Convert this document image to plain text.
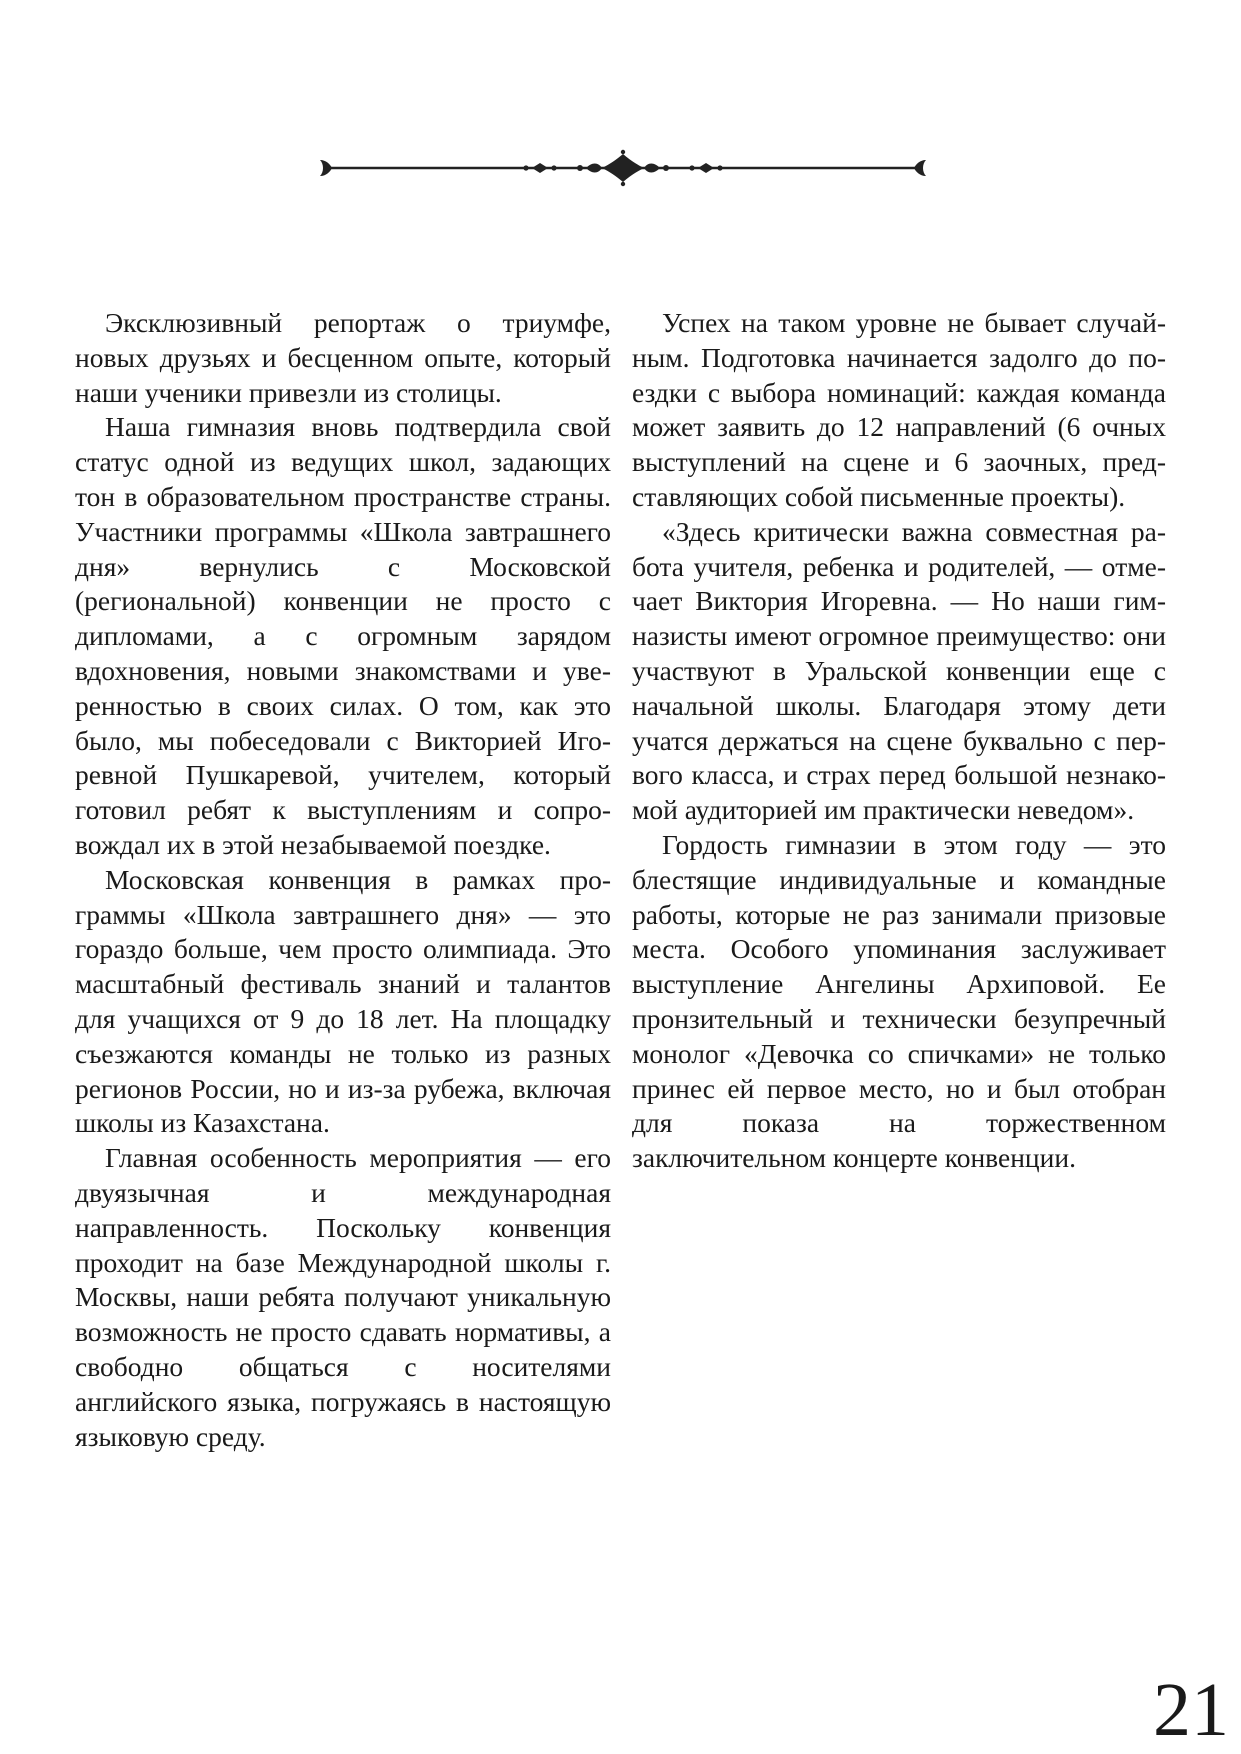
Эксклюзивный репортаж о триумфе, новых друзьях и бесценном опыте, который наши ученики привезли из столицы.

Наша гимназия вновь подтвердила свой статус одной из ведущих школ, задающих тон в образовательном пространстве страны. Участники программы «Школа завтрашнего дня» вернулись с Московской (региональной) конвенции не просто с дипломами, а с огромным зарядом вдохновения, новыми знакомствами и уверенностью в своих силах. О том, как это было, мы побеседовали с Викторией Игоревной Пушкаревой, учителем, который готовил ребят к выступлениям и сопровождал их в этой незабываемой поездке.

Московская конвенция в рамках программы «Школа завтрашнего дня» — это гораздо больше, чем просто олимпиада. Это масштабный фестиваль знаний и талантов для учащихся от 9 до 18 лет. На площадку съезжаются команды не только из разных регионов России, но и из-за рубежа, включая школы из Казахстана.

Главная особенность мероприятия — его двуязычная и международная направленность. Поскольку конвенция проходит на базе Международной школы г. Москвы, наши ребята получают уникальную возможность не просто сдавать нормативы, а свободно общаться с носителями английского языка, погружаясь в настоящую языковую среду.

Успех на таком уровне не бывает случайным. Подготовка начинается задолго до поездки с выбора номинаций: каждая команда может заявить до 12 направлений (6 очных выступлений на сцене и 6 заочных, представляющих собой письменные проекты).

«Здесь критически важна совместная работа учителя, ребенка и родителей, — отмечает Виктория Игоревна. — Но наши гимназисты имеют огромное преимущество: они участвуют в Уральской конвенции еще с начальной школы. Благодаря этому дети учатся держаться на сцене буквально с первого класса, и страх перед большой незнакомой аудиторией им практически неведом».

Гордость гимназии в этом году — это блестящие индивидуальные и командные работы, которые не раз занимали призовые места. Особого упоминания заслуживает выступление Ангелины Архиповой. Ее пронзительный и технически безупречный монолог «Девочка со спичками» не только принес ей первое место, но и был отобран для показа на торжественном заключительном концерте конвенции.

21
